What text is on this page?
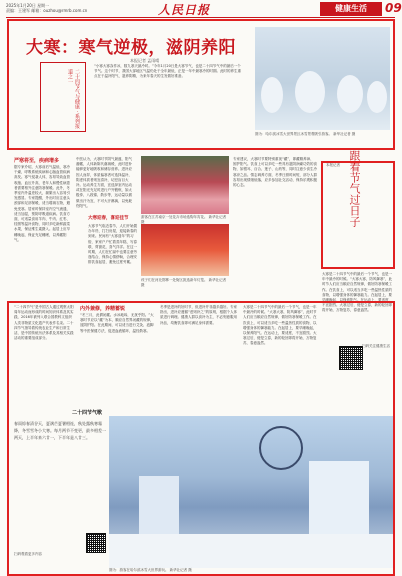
2025年1月20日 星期一
责编：王建军 邮箱：ouzhou@rmrb.com.cn	人民日报	健康生活	09
大寒：寒气逆极，滋阴养阳
本报记者 孟雨晴
二十四节气与健康 · 系列报道之一
“小寒大寒冻作冰，数九寒天最冷时。”今年1月20日是大寒节气，也是二十四节气中的最后一个节气。这个时节，我国大部地区气温仍处于全年最低，正是一年中最寒冷的时期。此时的养生重点在于温补阳气、滋养阴精，为来年春天的生发做好准备。
图为：哈尔滨冰雪大世界景区冰雪景观吸引游客。 新华社记者 摄
严寒将至，疾病增多
据专家介绍，大寒前后气温低、寒冷干燥，呼吸系统疾病和心脑血管疾病高发。寒气侵袭人体，容易导致血管收缩、血压升高，老年人和慢性病患者需要格外注意防寒保暖。此外，冬季室内外温差较大，频繁出入容易引发感冒。专家提醒，外出时应注意头颈部和足部保暖，适当增减衣物，避免受寒。居家时保持室内空气流通，适当加湿，预防呼吸道疾病。饮食方面，可适量食用羊肉、牛肉、红枣、桂圆等温补食物，同时多吃新鲜蔬菜水果，保证维生素摄入。起居上应早睡晚起，保证充足睡眠，以养藏阳气。
中医认为，大寒时节阴气最盛，阳气潜藏，人体新陈代谢减缓，此时进补能够更好地吸收和储存营养。进补应因人而异，体质偏寒者可选择温补，阴虚体质者则宜清补，切忌盲目大补。运动养生方面，宜选择室内运动或在阳光充足时进行户外锻炼，如太极拳、八段锦、散步等，运动量以微微出汗为宜，不可大汗淋漓，以免耗伤阳气。
游客在江苏南京一处花卉市场选购年宵花。 新华社记者 摄
大寒迎春，喜迎佳节
大寒节气临近春节，人们开始置办年货、打扫房屋，迎接新春的到来。民间有“大寒迎年”的习俗，家家户户忙着蒸年糕、写春联、剪窗花，喜气洋洋。在这一时期，人们在忙碌中也要注意劳逸结合，保持心情舒畅，合理安排饮食起居，避免过度劳累。
孩子们在河北邯郸一处街区挑选新年灯笼。 新华社记者 摄
专家建议，大寒时节要特别重视“藏”，即藏精养神、固护阳气。饮食上可以多吃一些具有滋阴润燥功效的食物，如银耳、百合、莲子、山药等，同时注意少食生冷寒凉之品。情志调养方面，冬季日照时间短，部分人群容易出现情绪低落，应多参加社交活动，保持乐观积极的心态。	跟着节气过日子
本报记者
大寒是二十四节气中的最后一个节气，也是一年中最冷的时候。“大寒大寒，防风御寒”，此时节人们应当顺应自然规律，做好防寒保暖工作。在饮食上，可以适当多吃一些温热性质的食物，以增强身体的御寒能力。在起居上，要早睡晚起，以保养阳气。在运动上，要适度，不宜剧烈。大寒过后，便是立春，新的轮回即将开始，万物复苏，春意盎然。
“二十四节气”是中国古人通过观察太阳周年运动而形成的时间知识体系及其实践，2016年被列入联合国教科文组织人类非物质文化遗产代表作名录。二十四节气指导着传统农业生产和日常生活，是中国传统历法体系及其相关实践活动的重要组成部分。
内外兼修，养精蓄锐
“冬三月，此谓闭藏。水冰地坼，无扰乎阳。”大寒时节应以“藏”为本，顺应自然界闭藏的规律，敛阴护阳。在此期间，可以适当进行艾灸、泡脚等中医保健方法，促进血液循环，温经散寒。
冬季是进补的好时节，但进补并非越多越好。专家指出，进补应遵循“虚则补之”的原则，根据个人体质进行调理。健康人群以食补为主，不必刻意服用补品，均衡饮食即可满足身体需要。
大寒是二十四节气中的最后一个节气，也是一年中最冷的时候。“大寒大寒，防风御寒”，此时节人们应当顺应自然规律，做好防寒保暖工作。在饮食上，可以适当多吃一些温热性质的食物，以增强身体的御寒能力。在起居上，要早睡晚起，以保养阳气。在运动上，要适度，不宜剧烈。大寒过后，便是立春，新的轮回即将开始，万物复苏，春意盎然。
扫码关注健康生活
二十四节气歌
春雨惊春清谷天，夏满芒夏暑相连，秋处露秋寒霜降，冬雪雪冬小大寒。每月两节不变更，最多相差一两天，上半年来六廿一，下半年是八廿三。
扫码观看更多内容
图为：游客在哈尔滨冰雪大世界游玩。 新华社记者 摄
